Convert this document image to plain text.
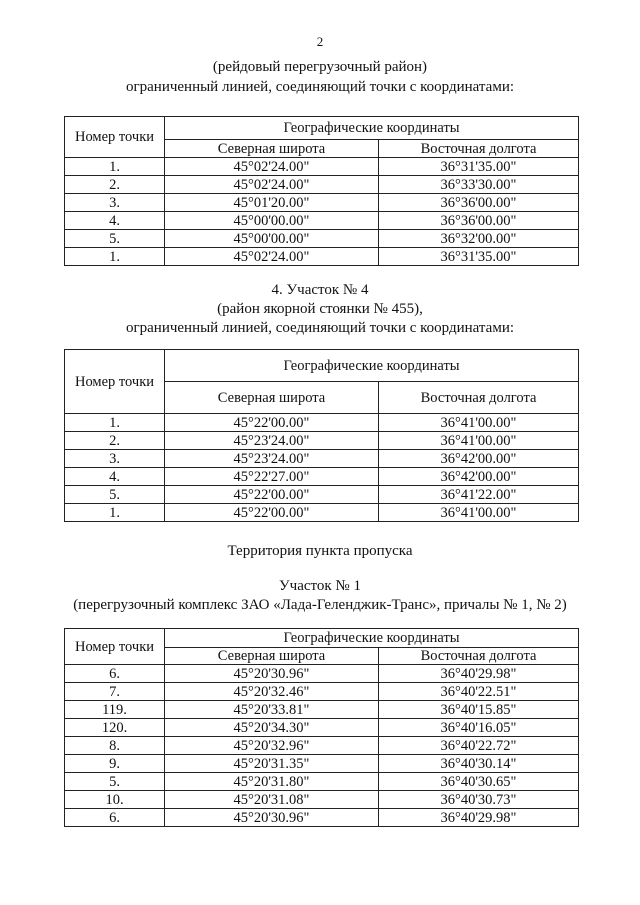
2
(рейдовый перегрузочный район)
ограниченный линией, соединяющий точки с координатами:
Номер точки	Географические координаты	
	Северная широта	Восточная долгота
1.	45°02'24.00"	36°31'35.00"
2.	45°02'24.00"	36°33'30.00"
3.	45°01'20.00"	36°36'00.00"
4.	45°00'00.00"	36°36'00.00"
5.	45°00'00.00"	36°32'00.00"
1.	45°02'24.00"	36°31'35.00"
4. Участок № 4
(район якорной стоянки № 455),
ограниченный линией, соединяющий точки с координатами:
Номер точки	Географические координаты	
	Северная широта	Восточная долгота
1.	45°22'00.00"	36°41'00.00"
2.	45°23'24.00"	36°41'00.00"
3.	45°23'24.00"	36°42'00.00"
4.	45°22'27.00"	36°42'00.00"
5.	45°22'00.00"	36°41'22.00"
1.	45°22'00.00"	36°41'00.00"
Территория пункта пропуска
Участок № 1
(перегрузочный комплекс ЗАО «Лада-Геленджик-Транс», причалы № 1, № 2)
Номер точки	Географические координаты	
	Северная широта	Восточная долгота
6.	45°20'30.96"	36°40'29.98"
7.	45°20'32.46"	36°40'22.51"
119.	45°20'33.81"	36°40'15.85"
120.	45°20'34.30"	36°40'16.05"
8.	45°20'32.96"	36°40'22.72"
9.	45°20'31.35"	36°40'30.14"
5.	45°20'31.80"	36°40'30.65"
10.	45°20'31.08"	36°40'30.73"
6.	45°20'30.96"	36°40'29.98"
